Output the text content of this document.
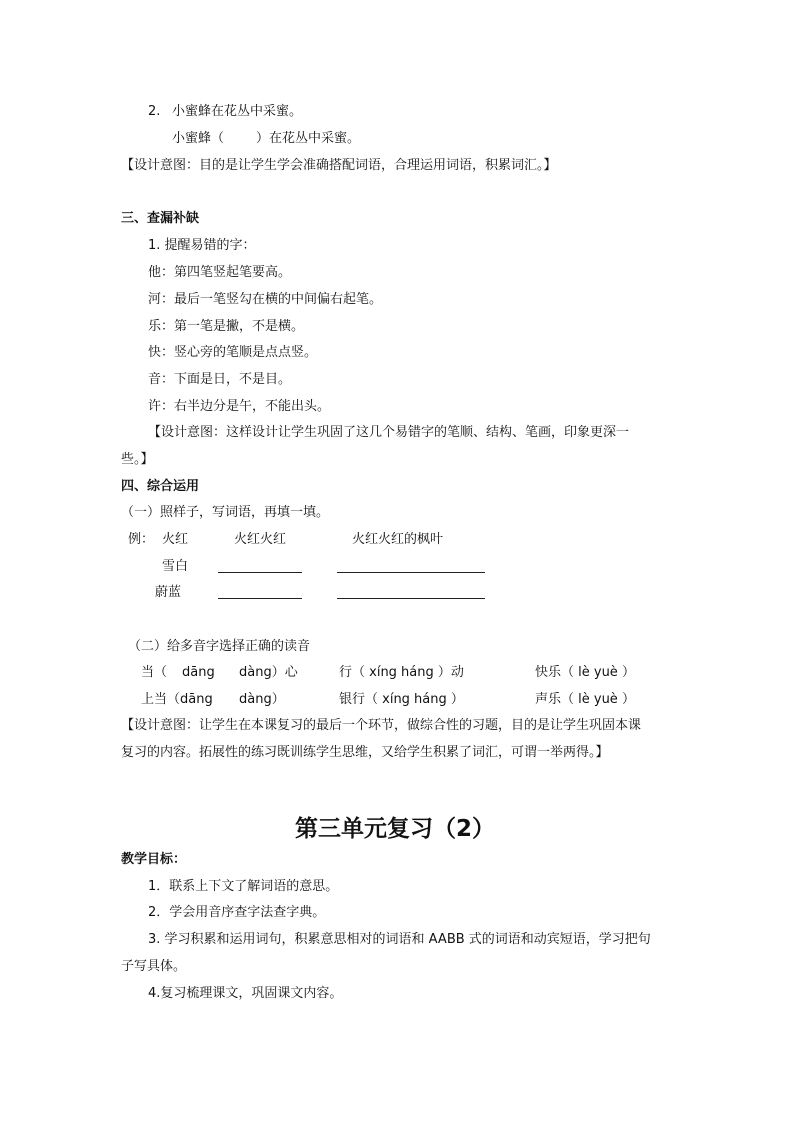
2. 小蜜蜂在花丛中采蜜。
小蜜蜂（ ）在花丛中采蜜。
【设计意图：目的是让学生学会准确搭配词语，合理运用词语，积累词汇。】
三、查漏补缺
1. 提醒易错的字：
他：第四笔竖起笔要高。
河：最后一笔竖勾在横的中间偏右起笔。
乐：第一笔是撇，不是横。
快：竖心旁的笔顺是点点竖。
音：下面是日，不是目。
许：右半边分是午，不能出头。
【设计意图：这样设计让学生巩固了这几个易错字的笔顺、结构、笔画，印象更深一
些。】
四、综合运用
（一）照样子，写词语，再填一填。
例： 火红	火红火红	火红火红的枫叶
雪白
蔚蓝
（二）给多音字选择正确的读音
当（ dāng dàng）心	行（ xíng háng ）动	快乐（ lè yuè ）
上当（dāng dàng）	银行（ xíng háng ）	声乐（ lè yuè ）
【设计意图：让学生在本课复习的最后一个环节，做综合性的习题，目的是让学生巩固本课
复习的内容。拓展性的练习既训练学生思维，又给学生积累了词汇，可谓一举两得。】
第三单元复习（2）
教学目标：
1．联系上下文了解词语的意思。
2．学会用音序查字法查字典。
3. 学习积累和运用词句，积累意思相对的词语和 AABB 式的词语和动宾短语，学习把句
子写具体。
4.复习梳理课文，巩固课文内容。
